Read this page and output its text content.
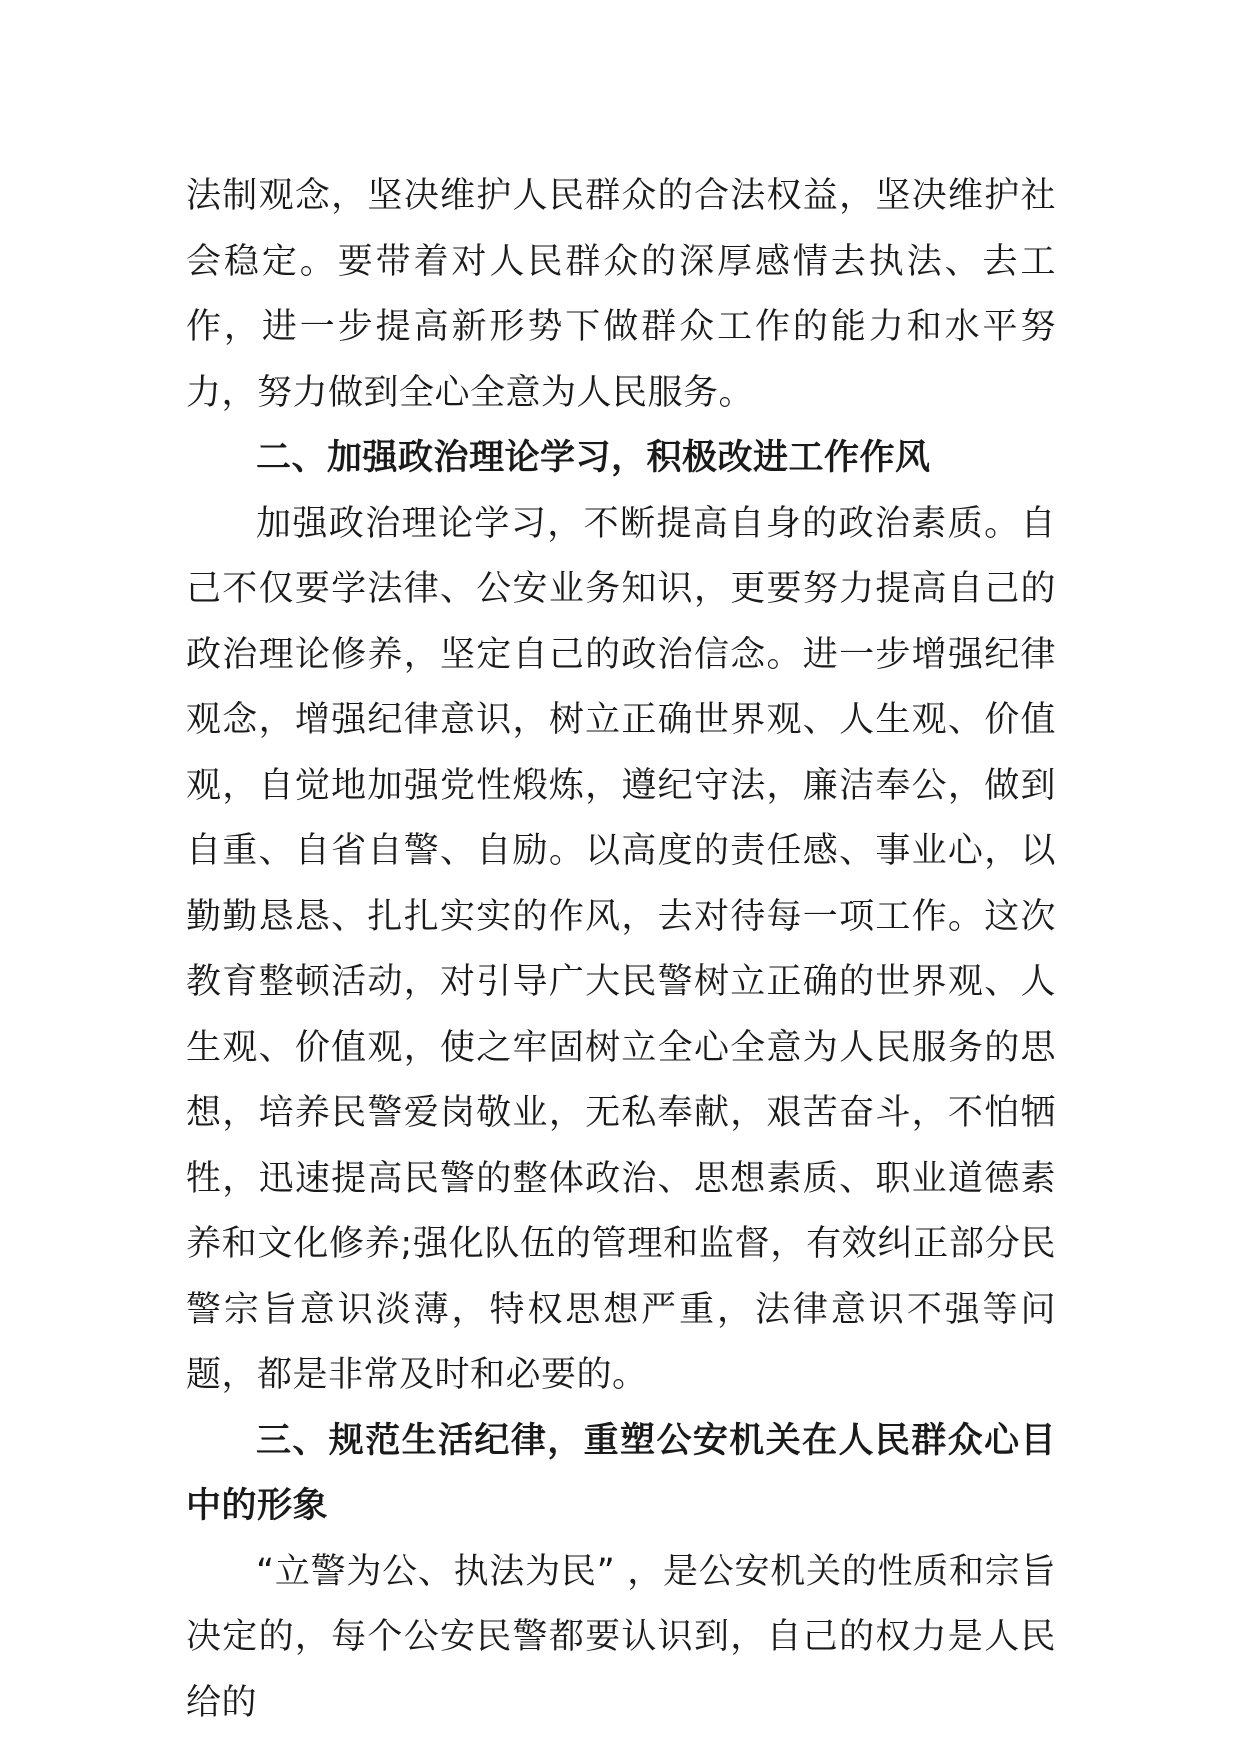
法制观念，坚决维护人民群众的合法权益，坚决维护社会稳定。要带着对人民群众的深厚感情去执法、去工作，进一步提高新形势下做群众工作的能力和水平努力，努力做到全心全意为人民服务。

二、加强政治理论学习，积极改进工作作风

加强政治理论学习，不断提高自身的政治素质。自己不仅要学法律、公安业务知识，更要努力提高自己的政治理论修养，坚定自己的政治信念。进一步增强纪律观念，增强纪律意识，树立正确世界观、人生观、价值观，自觉地加强党性煅炼，遵纪守法，廉洁奉公，做到自重、自省自警、自励。以高度的责任感、事业心，以勤勤恳恳、扎扎实实的作风，去对待每一项工作。这次教育整顿活动，对引导广大民警树立正确的世界观、人生观、价值观，使之牢固树立全心全意为人民服务的思想，培养民警爱岗敬业，无私奉献，艰苦奋斗，不怕牺牲，迅速提高民警的整体政治、思想素质、职业道德素养和文化修养;强化队伍的管理和监督，有效纠正部分民警宗旨意识淡薄，特权思想严重，法律意识不强等问题，都是非常及时和必要的。

三、规范生活纪律，重塑公安机关在人民群众心目中的形象

“立警为公、执法为民” ，是公安机关的性质和宗旨决定的，每个公安民警都要认识到，自己的权力是人民给的
